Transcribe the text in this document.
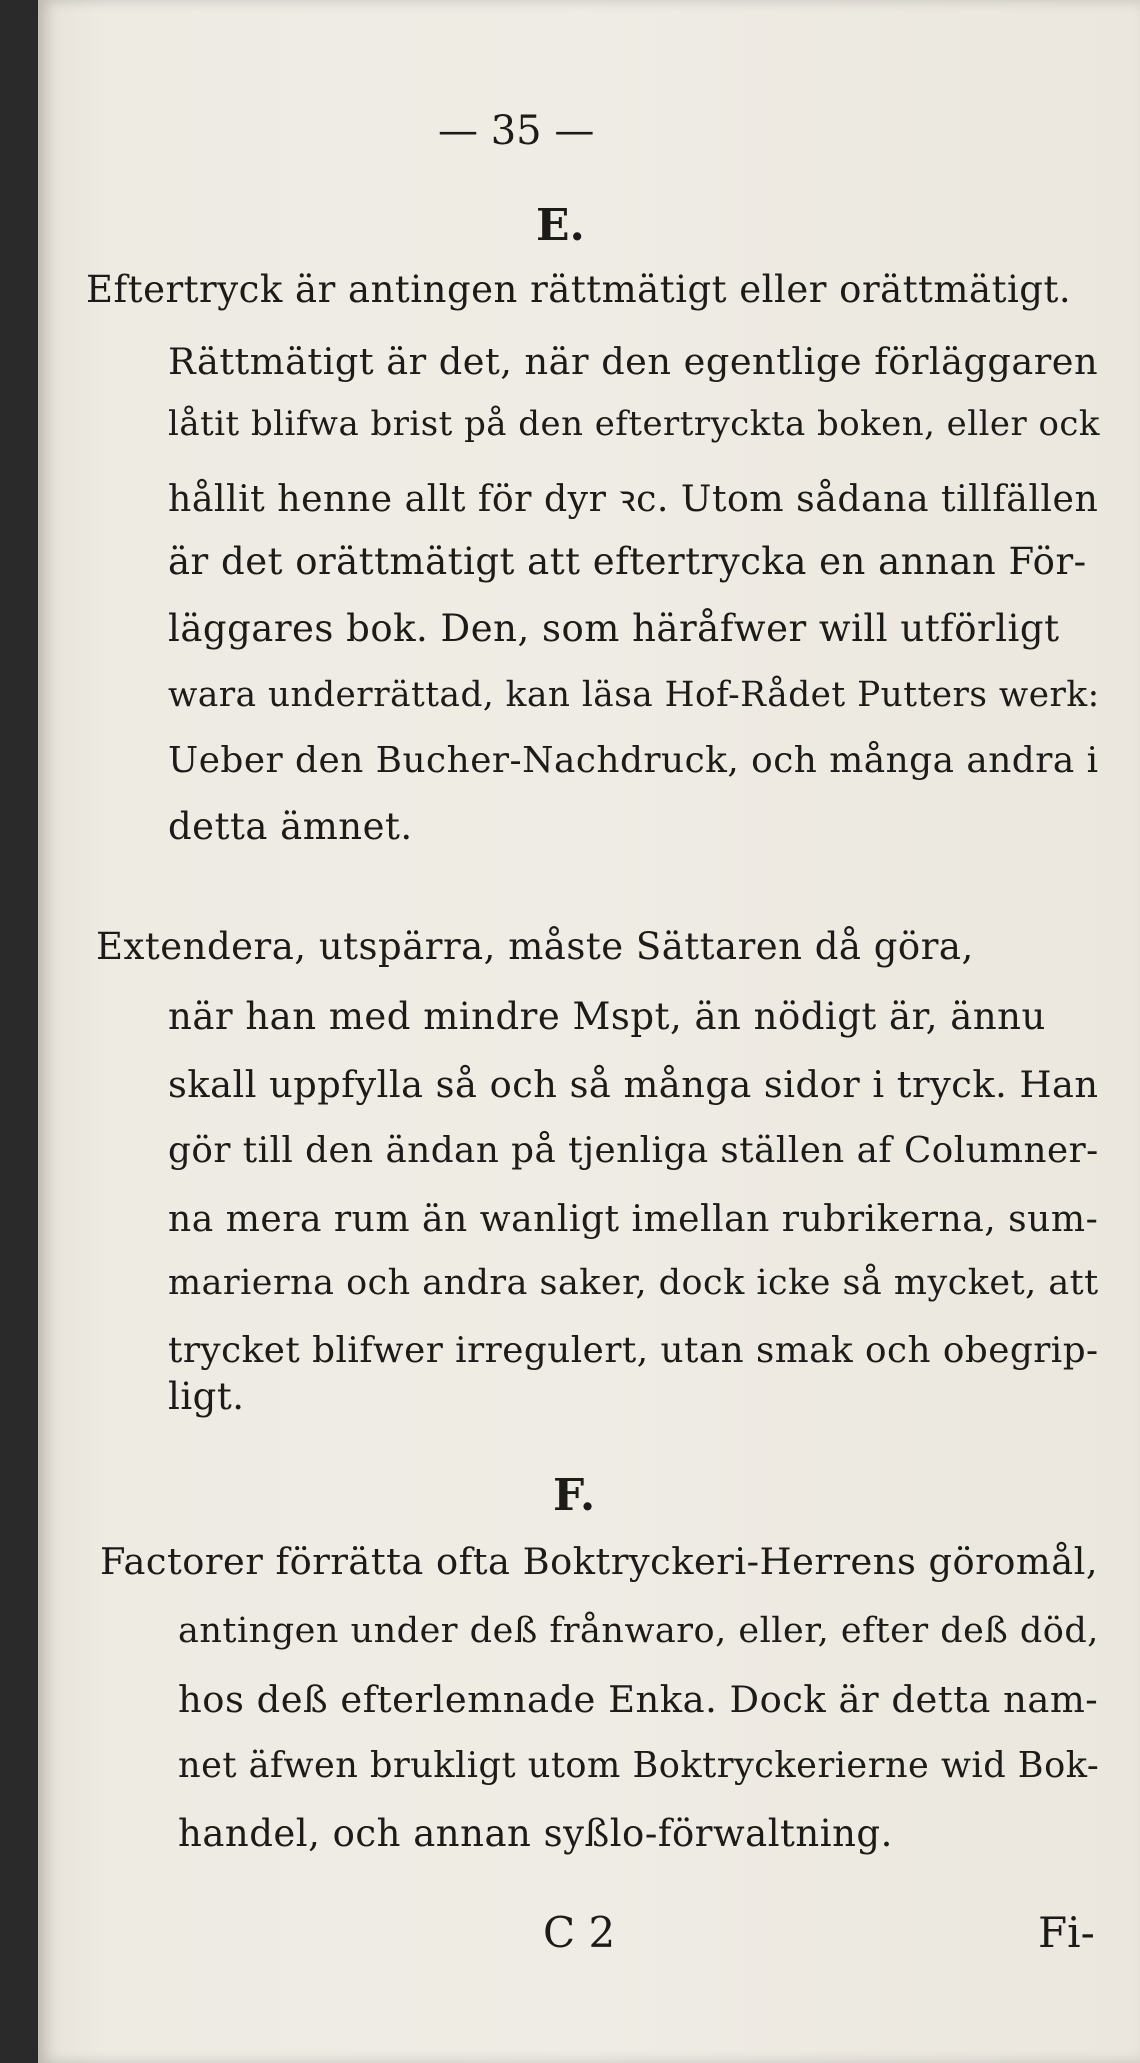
— 35 —
E.
Eftertryck är antingen rättmätigt eller orättmätigt.
Rättmätigt är det, när den egentlige förläggaren
låtit blifwa brist på den eftertryckta boken, eller ock
hållit henne allt för dyr ꝛc. Utom sådana tillfällen
är det orättmätigt att eftertrycka en annan För-
läggares bok. Den, som häråfwer will utförligt
wara underrättad, kan läsa Hof-Rådet Putters werk:
Ueber den Bucher-Nachdruck, och många andra i
detta ämnet.
Extendera, utspärra, måste Sättaren då göra,
när han med mindre Mspt, än nödigt är, ännu
skall uppfylla så och så många sidor i tryck. Han
gör till den ändan på tjenliga ställen af Columner-
na mera rum än wanligt imellan rubrikerna, sum-
marierna och andra saker, dock icke så mycket, att
trycket blifwer irregulert, utan smak och obegrip-
ligt.
F.
Factorer förrätta ofta Boktryckeri-Herrens göromål,
antingen under deß frånwaro, eller, efter deß död,
hos deß efterlemnade Enka. Dock är detta nam-
net äfwen brukligt utom Boktryckerierne wid Bok-
handel, och annan syßlo-förwaltning.
C 2	Fi-
